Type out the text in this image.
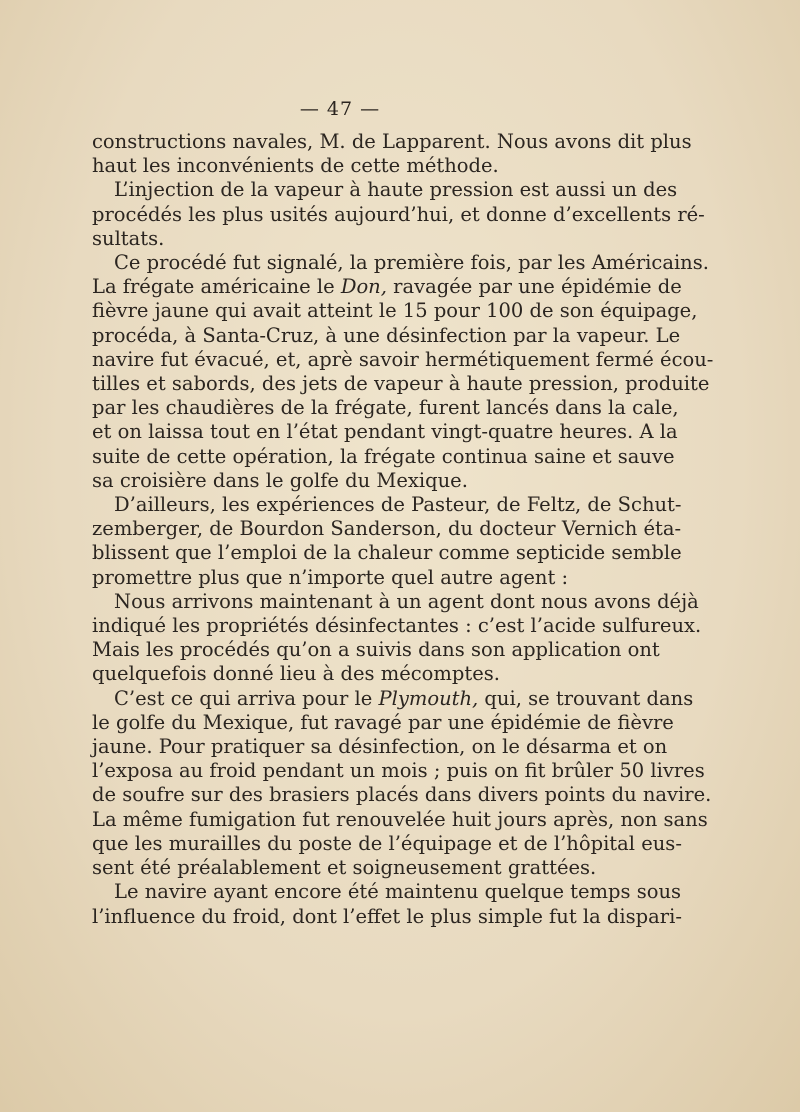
— 47 —
constructions navales, M. de Lapparent. Nous avons dit plus
haut les inconvénients de cette méthode.
L’injection de la vapeur à haute pression est aussi un des
procédés les plus usités aujourd’hui, et donne d’excellents ré-
sultats.
Ce procédé fut signalé, la première fois, par les Américains.
La frégate américaine le Don, ravagée par une épidémie de
fièvre jaune qui avait atteint le 15 pour 100 de son équipage,
procéda, à Santa-Cruz, à une désinfection par la vapeur. Le
navire fut évacué, et, aprè savoir hermétiquement fermé écou-
tilles et sabords, des jets de vapeur à haute pression, produite
par les chaudières de la frégate, furent lancés dans la cale,
et on laissa tout en l’état pendant vingt-quatre heures. A la
suite de cette opération, la frégate continua saine et sauve
sa croisière dans le golfe du Mexique.
D’ailleurs, les expériences de Pasteur, de Feltz, de Schut-
zemberger, de Bourdon Sanderson, du docteur Vernich éta-
blissent que l’emploi de la chaleur comme septicide semble
promettre plus que n’importe quel autre agent :
Nous arrivons maintenant à un agent dont nous avons déjà
indiqué les propriétés désinfectantes : c’est l’acide sulfureux.
Mais les procédés qu’on a suivis dans son application ont
quelquefois donné lieu à des mécomptes.
C’est ce qui arriva pour le Plymouth, qui, se trouvant dans
le golfe du Mexique, fut ravagé par une épidémie de fièvre
jaune. Pour pratiquer sa désinfection, on le désarma et on
l’exposa au froid pendant un mois ; puis on fit brûler 50 livres
de soufre sur des brasiers placés dans divers points du navire.
La même fumigation fut renouvelée huit jours après, non sans
que les murailles du poste de l’équipage et de l’hôpital eus-
sent été préalablement et soigneusement grattées.
Le navire ayant encore été maintenu quelque temps sous
l’influence du froid, dont l’effet le plus simple fut la dispari-
